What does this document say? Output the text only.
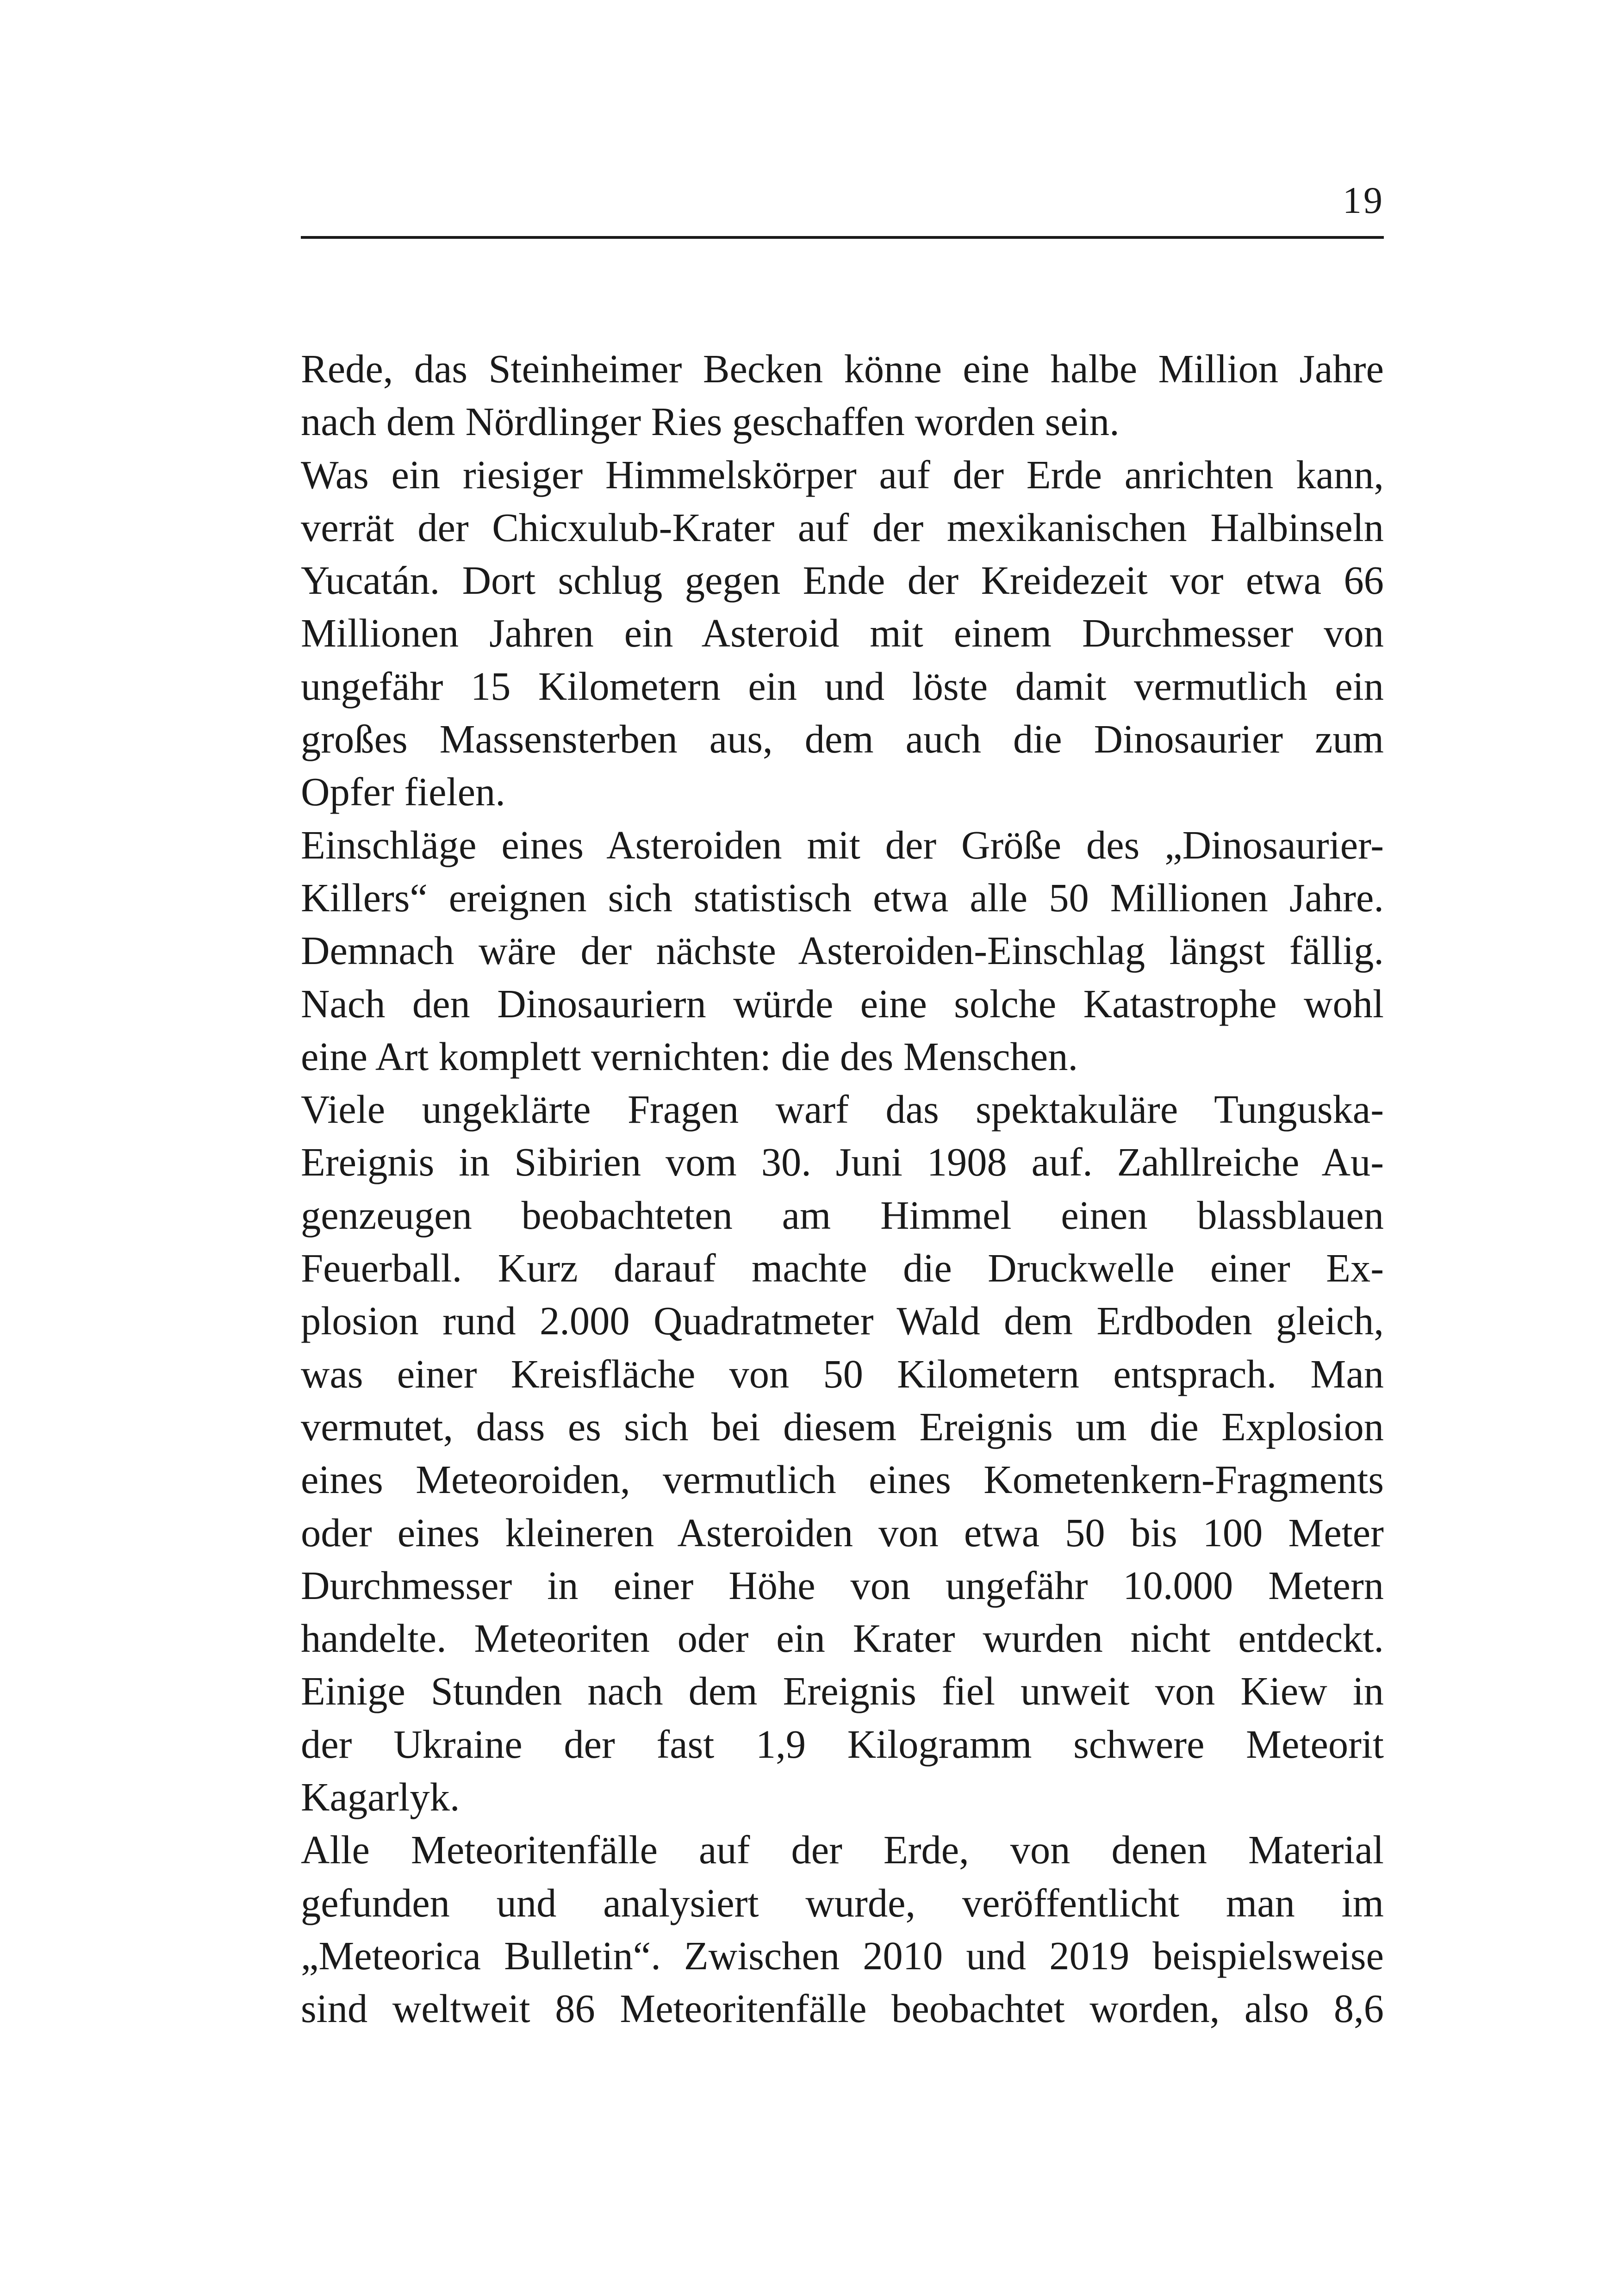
19
Rede, das Steinheimer Becken könne eine halbe Million Jahre
nach dem Nördlinger Ries geschaffen worden sein.
Was ein riesiger Himmelskörper auf der Erde anrichten kann,
verrät der Chicxulub-Krater auf der mexikanischen Halbinseln
Yucatán. Dort schlug gegen Ende der Kreidezeit vor etwa 66
Millionen Jahren ein Asteroid mit einem Durchmesser von
ungefähr 15 Kilometern ein und löste damit vermutlich ein
großes Massensterben aus, dem auch die Dinosaurier zum
Opfer fielen.
Einschläge eines Asteroiden mit der Größe des „Dinosaurier-
Killers“ ereignen sich statistisch etwa alle 50 Millionen Jahre.
Demnach wäre der nächste Asteroiden-Einschlag längst fällig.
Nach den Dinosauriern würde eine solche Katastrophe wohl
eine Art komplett vernichten: die des Menschen.
Viele ungeklärte Fragen warf das spektakuläre Tunguska-
Ereignis in Sibirien vom 30. Juni 1908 auf. Zahllreiche Au-
genzeugen beobachteten am Himmel einen blassblauen
Feuerball. Kurz darauf machte die Druckwelle einer Ex-
plosion rund 2.000 Quadratmeter Wald dem Erdboden gleich,
was einer Kreisfläche von 50 Kilometern entsprach. Man
vermutet, dass es sich bei diesem Ereignis um die Explosion
eines Meteoroiden, vermutlich eines Kometenkern-Fragments
oder eines kleineren Asteroiden von etwa 50 bis 100 Meter
Durchmesser in einer Höhe von ungefähr 10.000 Metern
handelte. Meteoriten oder ein Krater wurden nicht entdeckt.
Einige Stunden nach dem Ereignis fiel unweit von Kiew in
der Ukraine der fast 1,9 Kilogramm schwere Meteorit
Kagarlyk.
Alle Meteoritenfälle auf der Erde, von denen Material
gefunden und analysiert wurde, veröffentlicht man im
„Meteorica Bulletin“. Zwischen 2010 und 2019 beispielsweise
sind weltweit 86 Meteoritenfälle beobachtet worden, also 8,6
